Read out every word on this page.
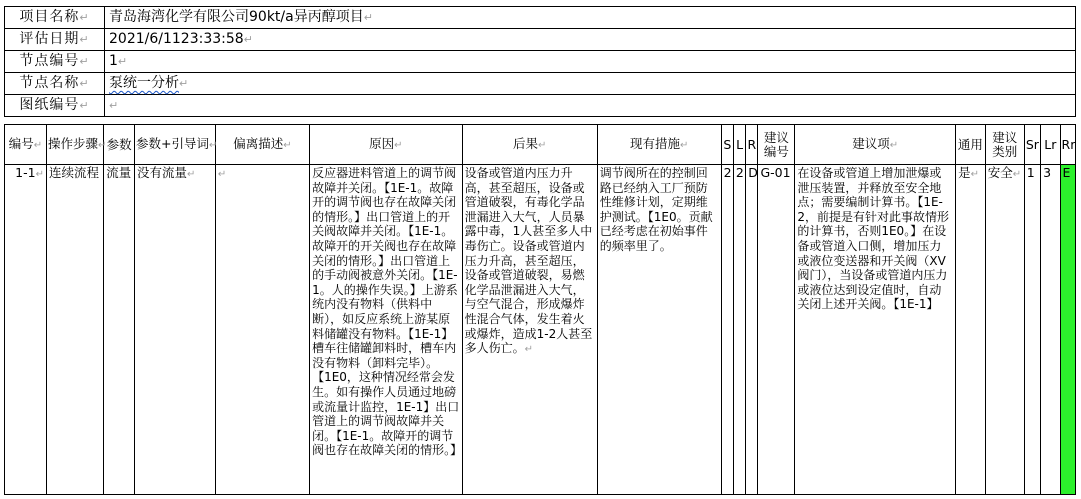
项目名称↵	青岛海湾化学有限公司90kt/a异丙醇项目↵
评估日期↵	2021/6/1123:33:58↵
节点编号↵	1↵
节点名称↵	泵统一分析↵
图纸编号↵	↵
编号↵	操作步骤↵	参数	参数+引导词↵	偏离描述↵	原因↵	后果↵	现有措施↵	S	L	R	建议编号	建议项↵	通用	建议类别	Sr	Lr	Rr
1-1↵	连续流程	流量	没有流量↵	↵	反应器进料管道上的调节阀故障并关闭。【1E-1。故障开的调节阀也存在故障关闭的情形。】出口管道上的开关阀故障并关闭。【1E-1。故障开的开关阀也存在故障关闭的情形。】出口管道上的手动阀被意外关闭。【1E-1。人的操作失误。】上游系统内没有物料（供料中断），如反应系统上游某原料储罐没有物料。【1E-1】槽车往储罐卸料时，槽车内没有物料（卸料完毕）。【1E0，这种情况经常会发生。如有操作人员通过地磅或流量计监控，1E-1】出口管道上的调节阀故障并关闭。【1E-1。故障开的调节阀也存在故障关闭的情形。】	设备或管道内压力升高，甚至超压，设备或管道破裂，有毒化学品泄漏进入大气，人员暴露中毒，1人甚至多人中毒伤亡。设备或管道内压力升高，甚至超压，设备或管道破裂，易燃化学品泄漏进入大气，与空气混合，形成爆炸性混合气体，发生着火或爆炸，造成1-2人甚至多人伤亡。↵	调节阀所在的控制回路已经纳入工厂预防性维修计划，定期维护测试。【1E0。贡献已经考虑在初始事件的频率里了。	2	2	D	G-01	在设备或管道上增加泄爆或泄压装置，并释放至安全地点；需要编制计算书。【1E-2，前提是有针对此事故情形的计算书，否则1E0。】在设备或管道入口侧，增加压力或液位变送器和开关阀（XV阀门），当设备或管道内压力或液位达到设定值时，自动关闭上述开关阀。【1E-1】	是↵	安全↵	1	3	E
